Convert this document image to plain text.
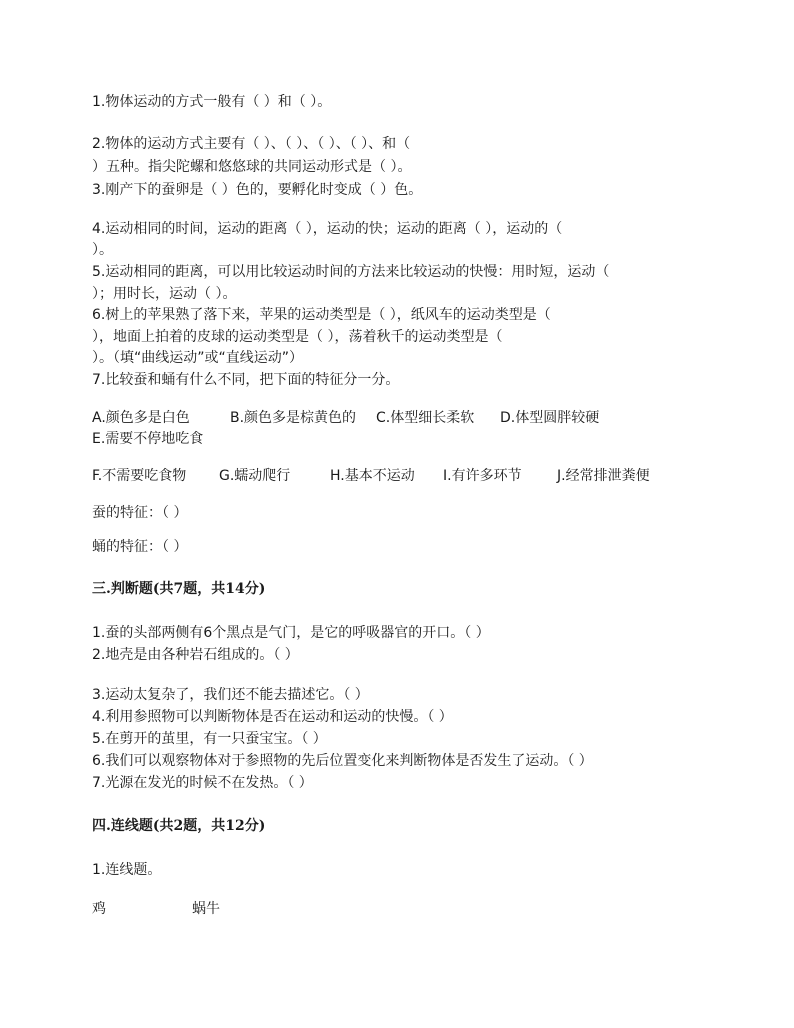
1.物体运动的方式一般有（ ）和（ ）。

2.物体的运动方式主要有（ ）、（ ）、（ ）、（ ）、和（

）五种。指尖陀螺和悠悠球的共同运动形式是（ ）。

3.刚产下的蚕卵是（ ）色的，要孵化时变成（ ）色。

4.运动相同的时间，运动的距离（ ），运动的快；运动的距离（ ），运动的（

）。

5.运动相同的距离，可以用比较运动时间的方法来比较运动的快慢：用时短，运动（

）；用时长，运动（ ）。

6.树上的苹果熟了落下来，苹果的运动类型是（ ），纸风车的运动类型是（

），地面上拍着的皮球的运动类型是（ ），荡着秋千的运动类型是（

）。（填“曲线运动”或“直线运动”）

7.比较蚕和蛹有什么不同，把下面的特征分一分。

A.颜色多是白色	B.颜色多是棕黄色的 C.体型细长柔软 D.体型圆胖较硬

E.需要不停地吃食

F.不需要吃食物 G.蠕动爬行	H.基本不运动 I.有许多环节	J.经常排泄粪便

蚕的特征：（ ）

蛹的特征：（ ）

三.判断题(共7题，共14分)

1.蚕的头部两侧有6个黑点是气门，是它的呼吸器官的开口。（ ）

2.地壳是由各种岩石组成的。（ ）

3.运动太复杂了，我们还不能去描述它。（ ）

4.利用参照物可以判断物体是否在运动和运动的快慢。（ ）

5.在剪开的茧里，有一只蚕宝宝。（ ）

6.我们可以观察物体对于参照物的先后位置变化来判断物体是否发生了运动。（ ）

7.光源在发光的时候不在发热。（ ）

四.连线题(共2题，共12分)

1.连线题。

鸡	蜗牛
